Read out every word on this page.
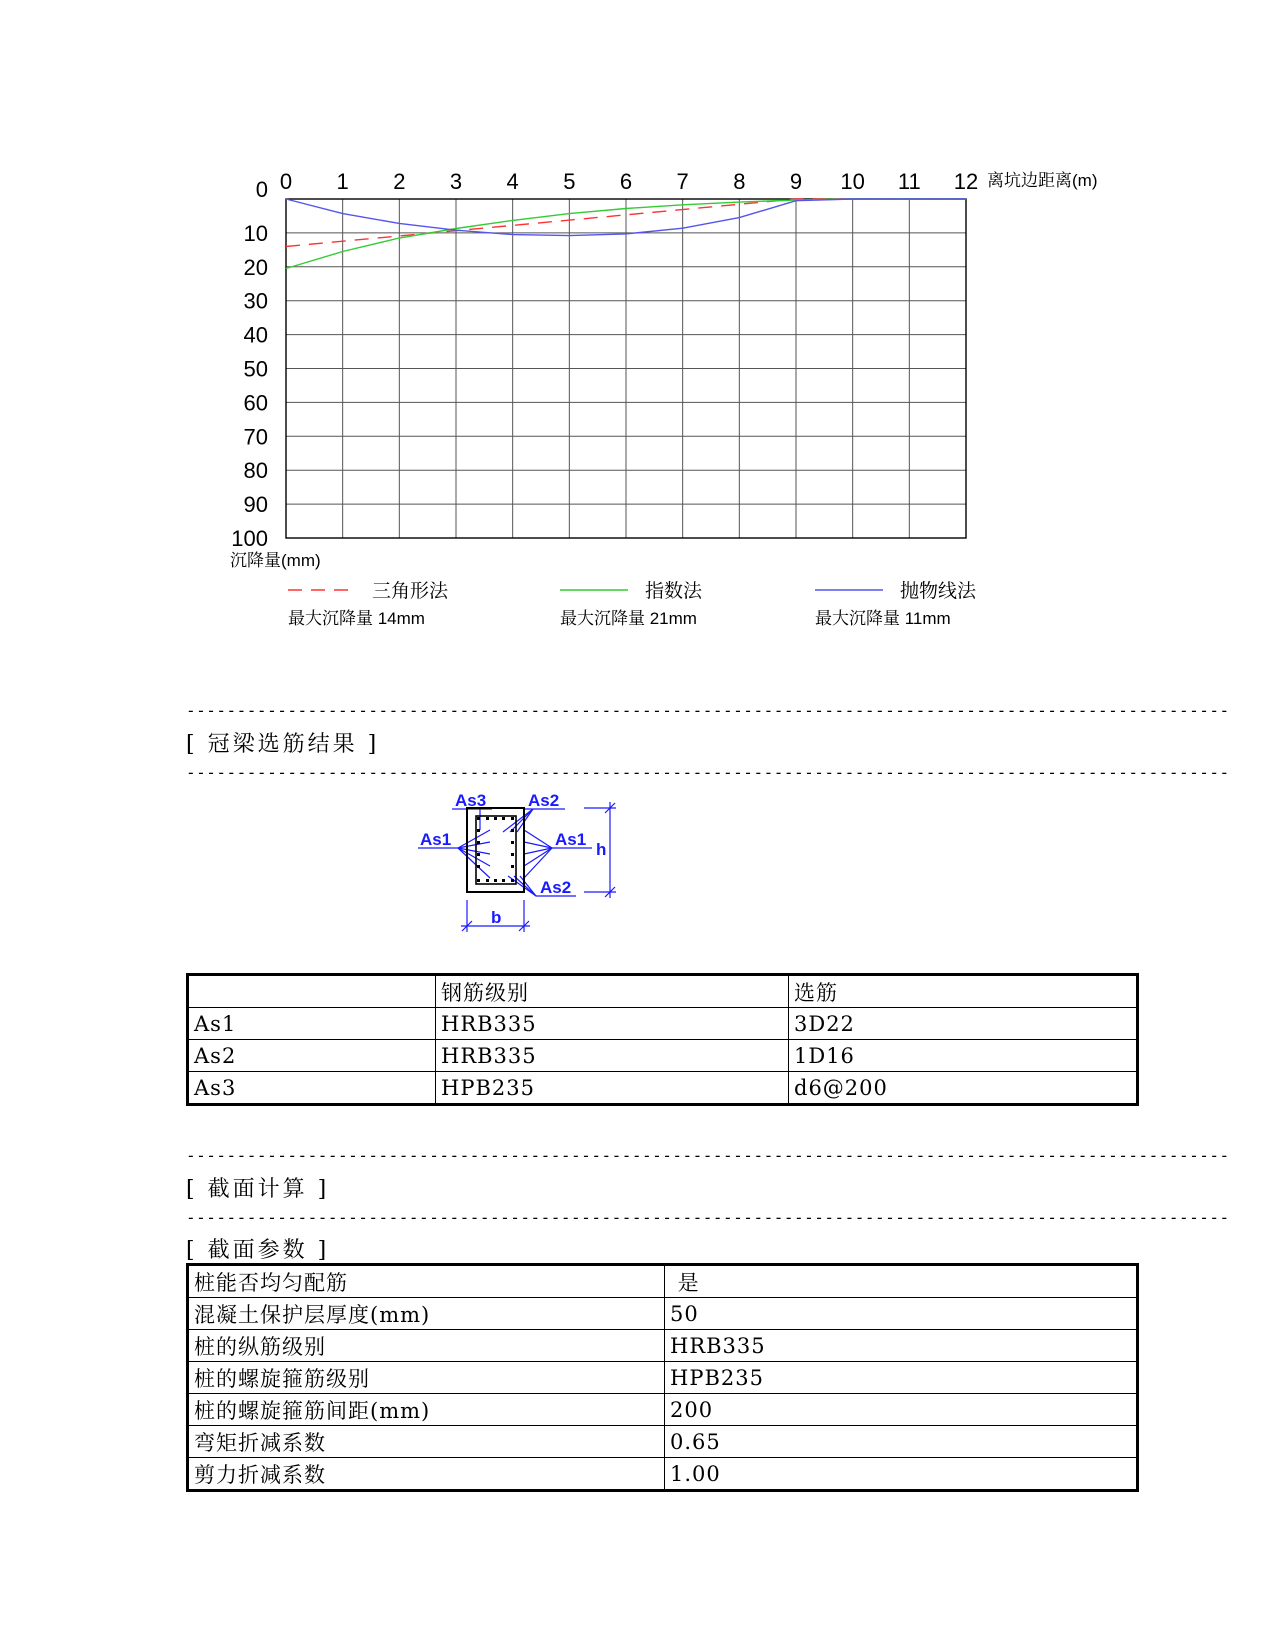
0 1 2 3 4 5 6 7 8 9 10 11 12
0
10
20
30
40
50
60
70
80
90
100
离坑边距离(m)
沉降量(mm)
三角形法
最大沉降量 14mm
指数法
最大沉降量 21mm
抛物线法
最大沉降量 11mm
-------------------------------------------------------------------------------------------------------
[ 冠梁选筋结果 ]
-------------------------------------------------------------------------------------------------------
As3 As2
As1	As1
As2
h
b
	钢筋级别	选筋
As1	HRB335	3D22
As2	HRB335	1D16
As3	HPB235	d6@200
-------------------------------------------------------------------------------------------------------
[ 截面计算 ]
-------------------------------------------------------------------------------------------------------
[ 截面参数 ]
桩能否均匀配筋	是
混凝土保护层厚度(mm)	50
桩的纵筋级别	HRB335
桩的螺旋箍筋级别	HPB235
桩的螺旋箍筋间距(mm)	200
弯矩折减系数	0.65
剪力折减系数	1.00
